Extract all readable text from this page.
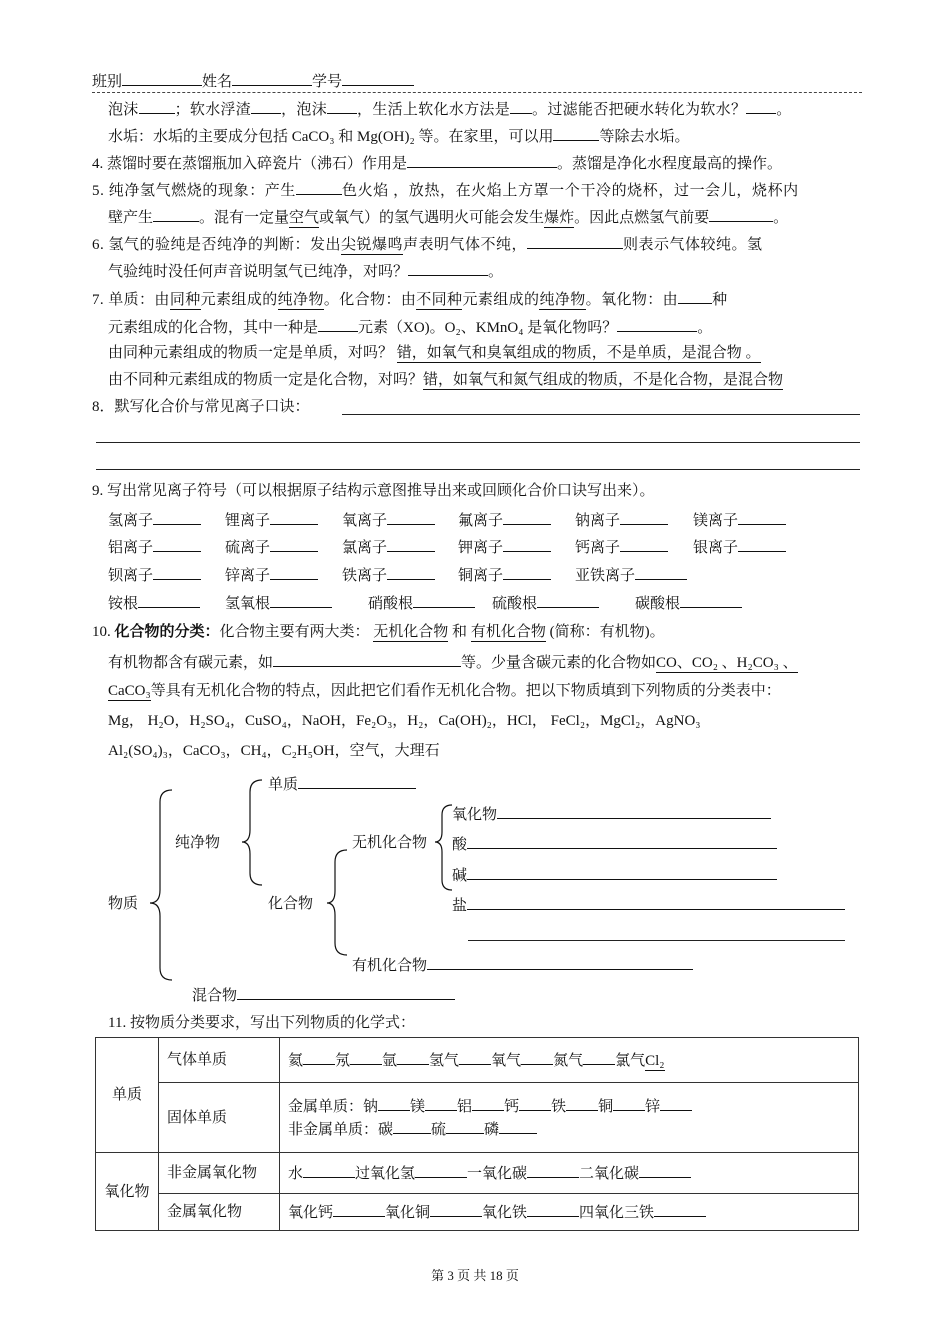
班别	姓名	学号
泡沫 ；软水浮渣 ，泡沫 ，生活上软化水方法是 。过滤能否把硬水转化为软水？ 。
水垢：水垢的主要成分包括 CaCO₃ 和 Mg(OH)₂ 等。在家里，可以用	等除去水垢。
4. 蒸馏时要在蒸馏瓶加入碎瓷片（沸石）作用是	。蒸馏是净化水程度最高的操作。
5. 纯净氢气燃烧的现象：产生	色火焰 ，放热，在火焰上方罩一个干冷的烧杯，过一会儿，烧杯内
壁产生	。混有一定量空气或氧气）的氢气遇明火可能会发生爆炸。因此点燃氢气前要	。
6. 氢气的验纯是否纯净的判断：发出尖锐爆鸣声表明气体不纯，	则表示气体较纯。氢
气验纯时没任何声音说明氢气已纯净，对吗？	。
7. 单质：由同种元素组成的纯净物。化合物：由不同种元素组成的纯净物。氧化物：由 种
元素组成的化合物，其中一种是	元素（XO)。O₂、KMnO₄ 是氧化物吗？	。
由同种元素组成的物质一定是单质，对吗？ 错，如氧气和臭氧组成的物质，不是单质，是混合物 。
由不同种元素组成的物质一定是化合物，对吗？错，如氧气和氮气组成的物质，不是化合物，是混合物
8．默写化合价与常见离子口诀：
9. 写出常见离子符号（可以根据原子结构示意图推导出来或回顾化合价口诀写出来）。
氢离子	锂离子	氧离子	氟离子	钠离子	镁离子
铝离子	硫离子	氯离子	钾离子	钙离子	银离子
钡离子	锌离子	铁离子	铜离子	亚铁离子
铵根	氢氧根	硝酸根	硫酸根	碳酸根
10. 化合物的分类：化合物主要有两大类： 无机化合物 和 有机化合物 (简称：有机物)。
有机物都含有碳元素，如	等。少量含碳元素的化合物如CO、CO₂ 、H₂CO₃ 、
CaCO₃等具有无机化合物的特点，因此把它们看作无机化合物。把以下物质填到下列物质的分类表中：
Mg， H₂O，H₂SO₄，CuSO₄，NaOH，Fe₂O₃，H₂，Ca(OH)₂，HCl， FeCl₂，MgCl₂，AgNO₃
Al₂(SO₄)₃，CaCO₃，CH₄，C₂H₅OH，空气，大理石
单质
纯净物
物质	化合物
无机化合物
氧化物
酸
碱
盐
有机化合物
混合物
11. 按物质分类要求，写出下列物质的化学式：
单质	气体单质	氦 氖 氩 氢气 氧气 氮气 氯气Cl₂
	固体单质	金属单质：钠 镁 铝 钙 铁 铜 锌
非金属单质：碳 硫 磷

氧化物	非金属氧化物	水 过氧化氢 一氧化碳 二氧化碳
	金属氧化物	氧化钙 氧化铜 氧化铁 四氧化三铁
第 3 页 共 18 页
